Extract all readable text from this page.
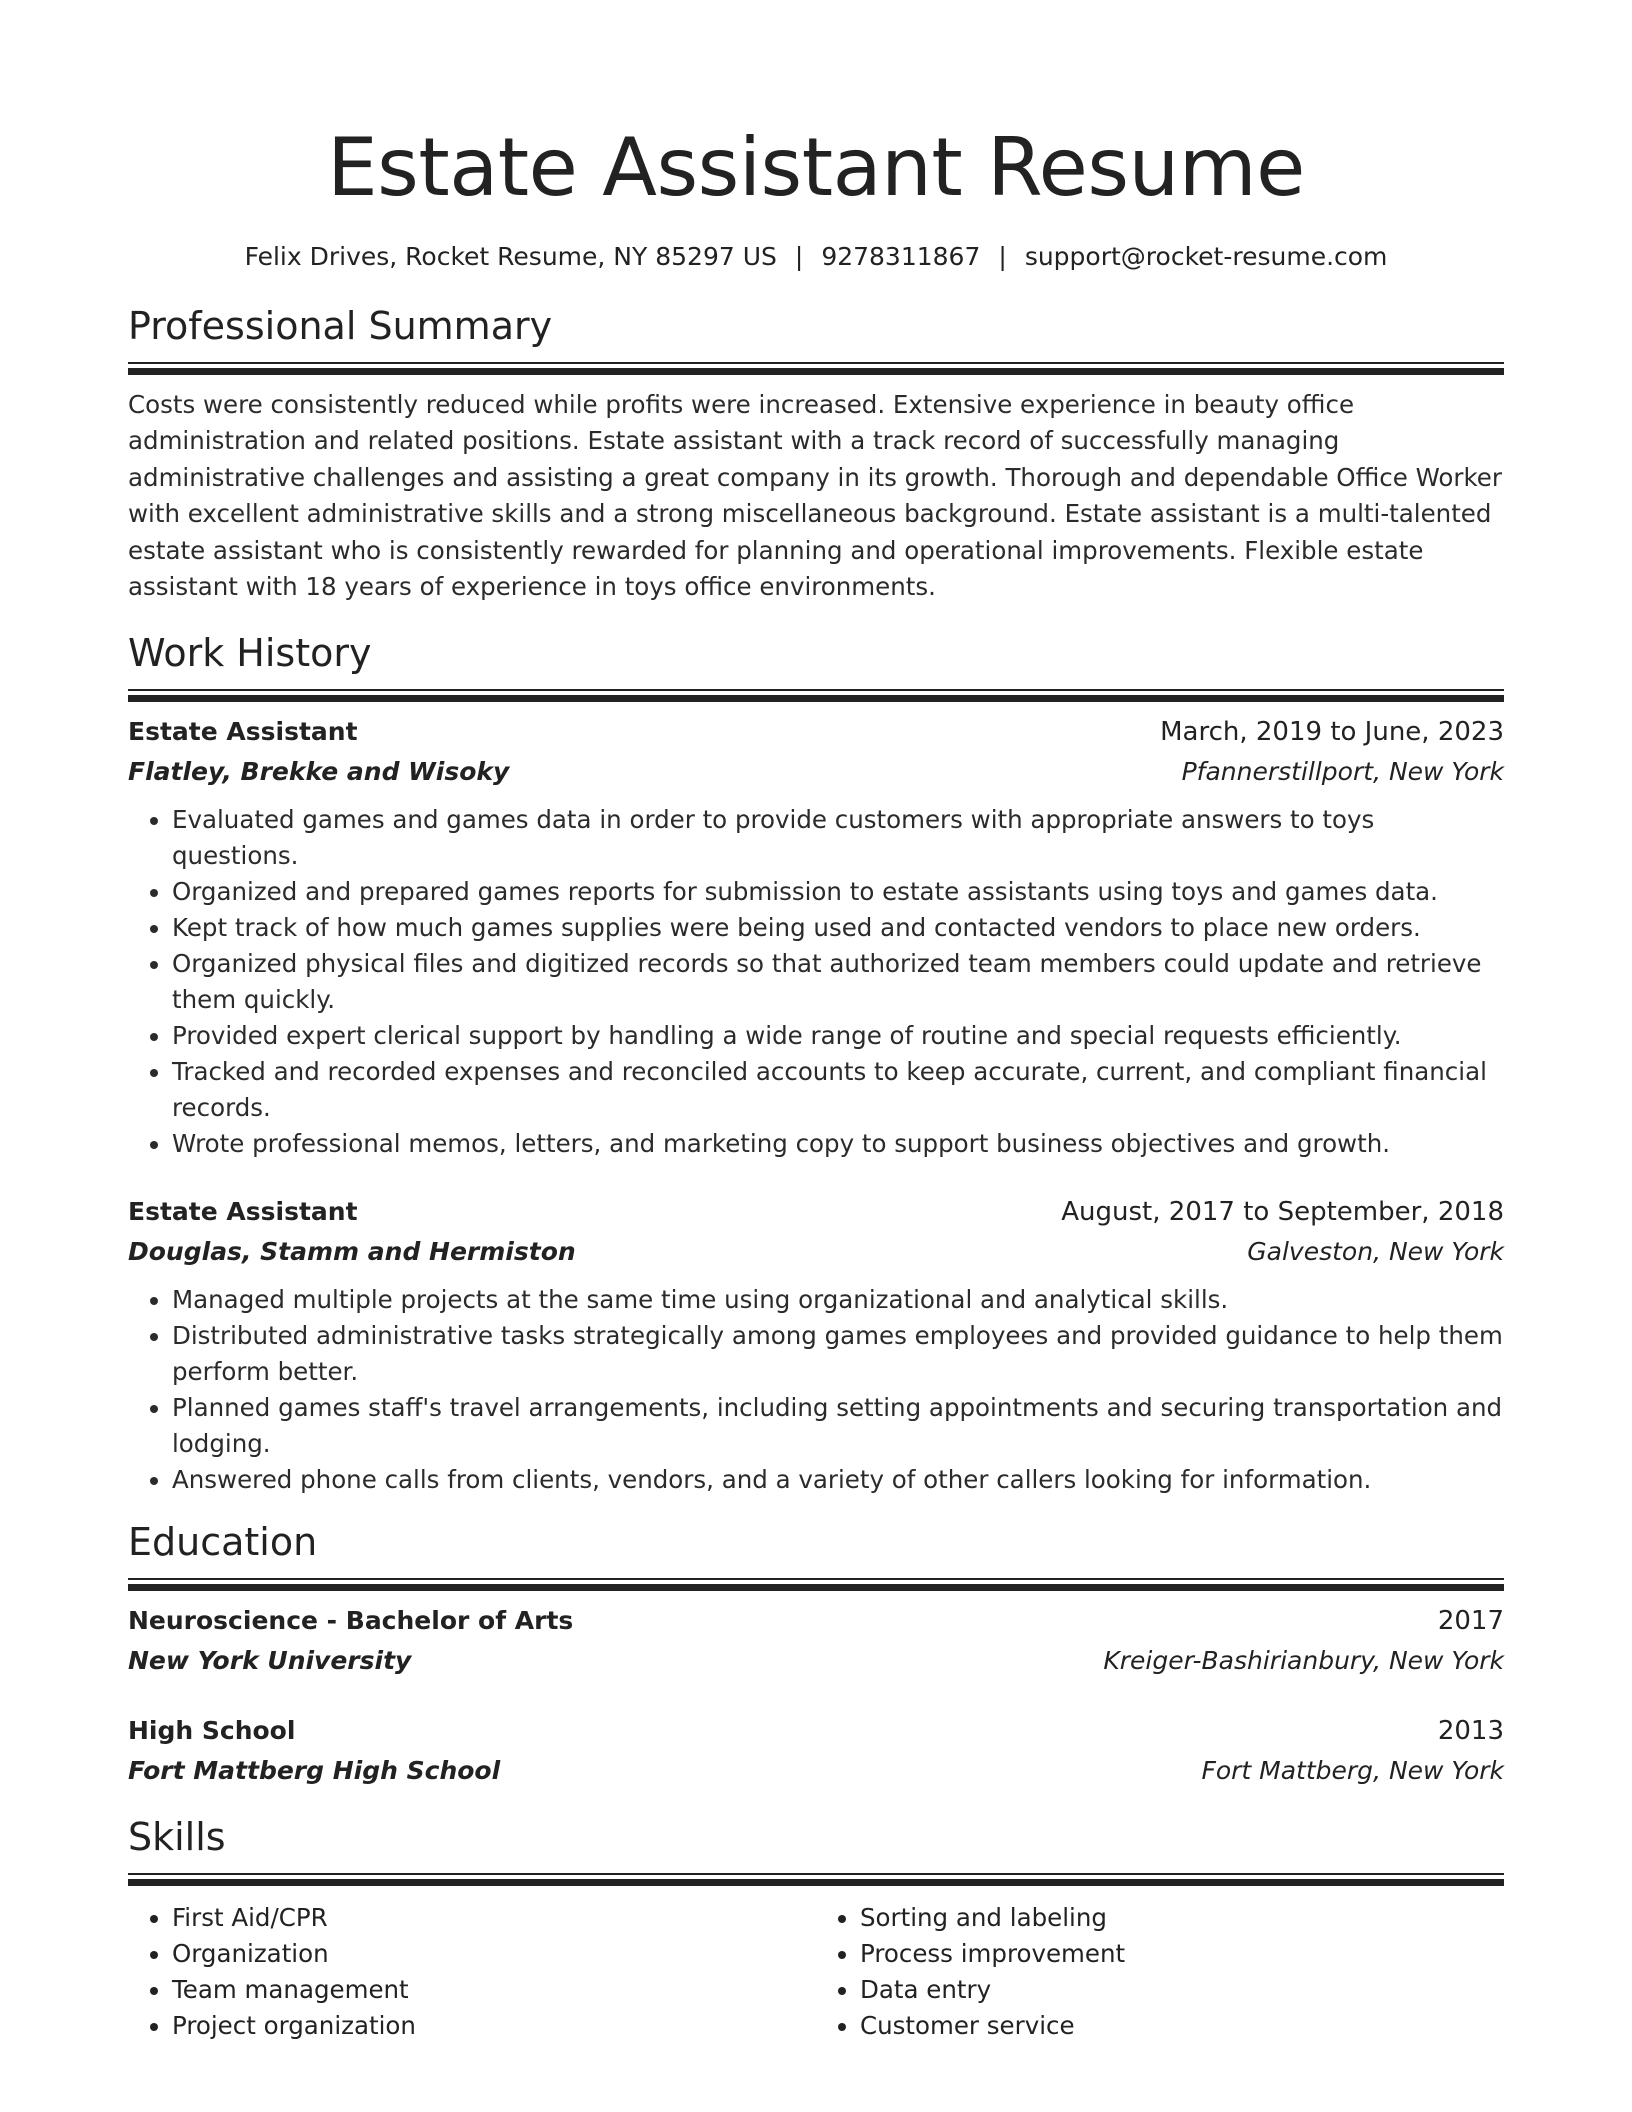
Estate Assistant Resume
Felix Drives, Rocket Resume, NY 85297 US | 9278311867 | support@rocket-resume.com
Professional Summary
Costs were consistently reduced while profits were increased. Extensive experience in beauty office administration and related positions. Estate assistant with a track record of successfully managing administrative challenges and assisting a great company in its growth. Thorough and dependable Office Worker with excellent administrative skills and a strong miscellaneous background. Estate assistant is a multi-talented estate assistant who is consistently rewarded for planning and operational improvements. Flexible estate assistant with 18 years of experience in toys office environments.
Work History
Estate Assistant	March, 2019 to June, 2023
Flatley, Brekke and Wisoky	Pfannerstillport, New York
• Evaluated games and games data in order to provide customers with appropriate answers to toys questions.
• Organized and prepared games reports for submission to estate assistants using toys and games data.
• Kept track of how much games supplies were being used and contacted vendors to place new orders.
• Organized physical files and digitized records so that authorized team members could update and retrieve them quickly.
• Provided expert clerical support by handling a wide range of routine and special requests efficiently.
• Tracked and recorded expenses and reconciled accounts to keep accurate, current, and compliant financial records.
• Wrote professional memos, letters, and marketing copy to support business objectives and growth.
Estate Assistant	August, 2017 to September, 2018
Douglas, Stamm and Hermiston	Galveston, New York
• Managed multiple projects at the same time using organizational and analytical skills.
• Distributed administrative tasks strategically among games employees and provided guidance to help them perform better.
• Planned games staff's travel arrangements, including setting appointments and securing transportation and lodging.
• Answered phone calls from clients, vendors, and a variety of other callers looking for information.
Education
Neuroscience - Bachelor of Arts	2017
New York University	Kreiger-Bashirianbury, New York
High School	2013
Fort Mattberg High School	Fort Mattberg, New York
Skills
• First Aid/CPR
• Organization
• Team management
• Project organization
• Sorting and labeling
• Process improvement
• Data entry
• Customer service
